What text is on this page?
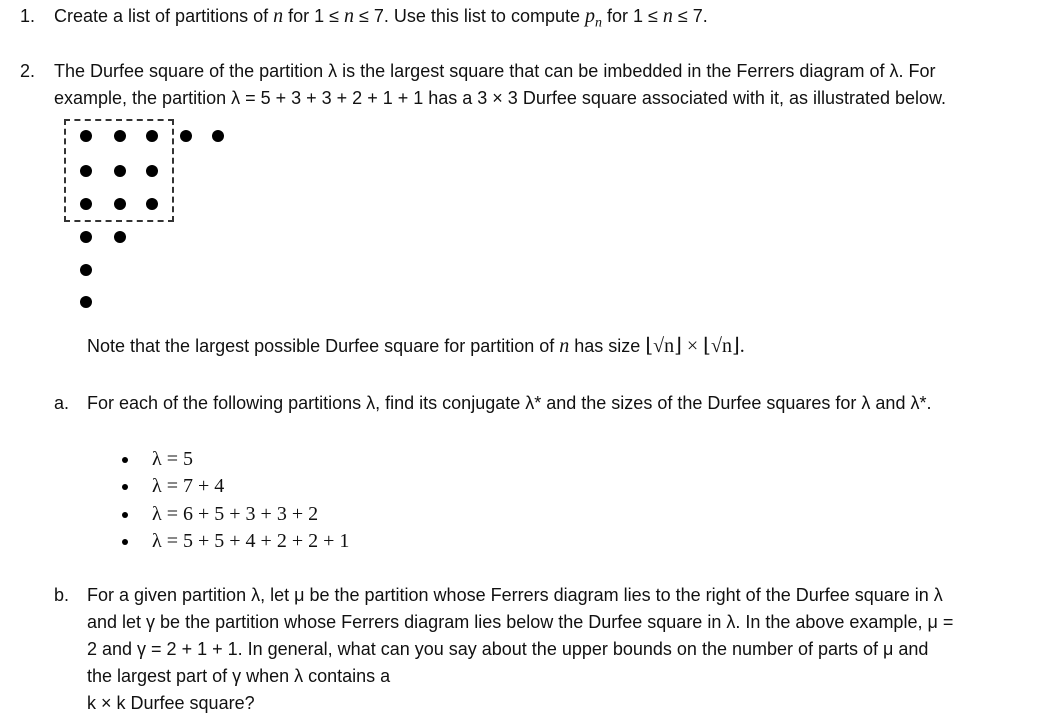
1. Create a list of partitions of n for 1 ≤ n ≤ 7. Use this list to compute $p_n$ for 1 ≤ n ≤ 7.
2. The Durfee square of the partition λ is the largest square that can be imbedded in the Ferrers diagram of λ. For
example, the partition λ = 5 + 3 + 3 + 2 + 1 + 1 has a 3 × 3 Durfee square associated with it, as illustrated below.
Note that the largest possible Durfee square for partition of n has size ⌊√n⌋ × ⌊√n⌋.
a. For each of the following partitions λ, find its conjugate λ* and the sizes of the Durfee squares for λ and λ*.
λ = 5
λ = 7 + 4
λ = 6 + 5 + 3 + 3 + 2
λ = 5 + 5 + 4 + 2 + 2 + 1
b. For a given partition λ, let μ be the partition whose Ferrers diagram lies to the right of the Durfee square in λ
and let γ be the partition whose Ferrers diagram lies below the Durfee square in λ. In the above example, μ =
2 and γ = 2 + 1 + 1. In general, what can you say about the upper bounds on the number of parts of μ and
the largest part of γ when λ contains a
k × k Durfee square?
